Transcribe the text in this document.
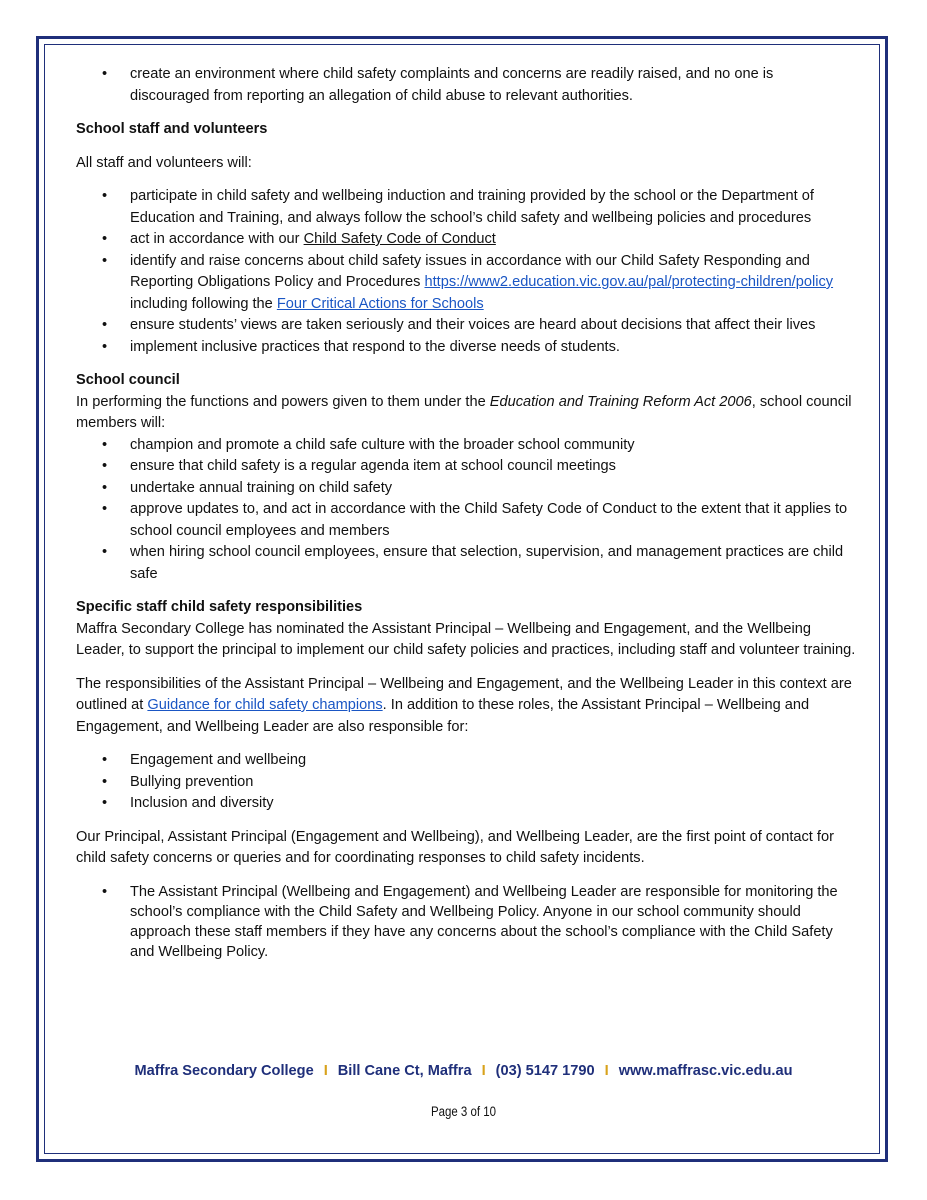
• create an environment where child safety complaints and concerns are readily raised, and no one is discouraged from reporting an allegation of child abuse to relevant authorities.

School staff and volunteers

All staff and volunteers will:

• participate in child safety and wellbeing induction and training provided by the school or the Department of Education and Training, and always follow the school’s child safety and wellbeing policies and procedures
• act in accordance with our Child Safety Code of Conduct
• identify and raise concerns about child safety issues in accordance with our Child Safety Responding and Reporting Obligations Policy and Procedures https://www2.education.vic.gov.au/pal/protecting-children/policy  including following the Four Critical Actions for Schools
• ensure students’ views are taken seriously and their voices are heard about decisions that affect their lives
• implement inclusive practices that respond to the diverse needs of students.

School council

In performing the functions and powers given to them under the Education and Training Reform Act 2006, school council members will:

• champion and promote a child safe culture with the broader school community
• ensure that child safety is a regular agenda item at school council meetings
• undertake annual training on child safety
• approve updates to, and act in accordance with the Child Safety Code of Conduct to the extent that it applies to school council employees and members
• when hiring school council employees, ensure that selection, supervision, and management practices are child safe

Specific staff child safety responsibilities

Maffra Secondary College has nominated the Assistant Principal – Wellbeing and Engagement, and the Wellbeing Leader, to support the principal to implement our child safety policies and practices, including staff and volunteer training.

The responsibilities of the Assistant Principal – Wellbeing and Engagement, and the Wellbeing Leader in this context are outlined at Guidance for child safety champions. In addition to these roles, the Assistant Principal – Wellbeing and Engagement, and Wellbeing Leader are also responsible for:

• Engagement and wellbeing
• Bullying prevention
• Inclusion and diversity

Our Principal, Assistant Principal (Engagement and Wellbeing), and Wellbeing Leader, are the first point of contact for child safety concerns or queries and for coordinating responses to child safety incidents.

• The Assistant Principal (Wellbeing and Engagement) and Wellbeing Leader are responsible for monitoring the school’s compliance with the Child Safety and Wellbeing Policy. Anyone in our school community should approach these staff members if they have any concerns about the school’s compliance with the Child Safety and Wellbeing Policy.
Maffra Secondary College I Bill Cane Ct, Maffra I (03) 5147 1790 I www.maffrasc.vic.edu.au
Page 3 of 10
